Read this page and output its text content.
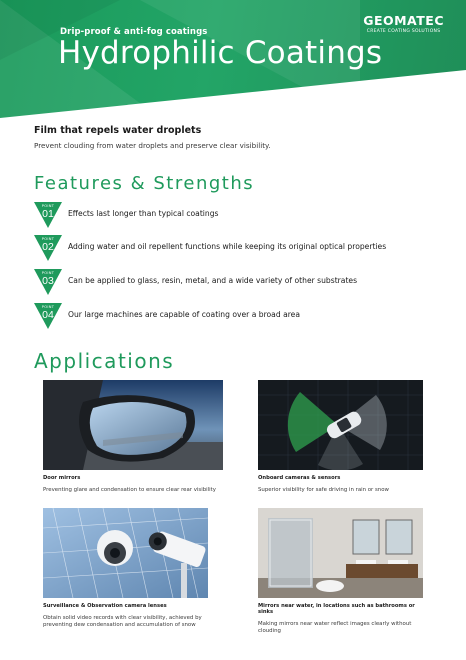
Drip-proof & anti-fog coatings
Hydrophilic Coatings
GEOMATEC
CREATE COATING SOLUTIONS
Film that repels water droplets
Prevent clouding from water droplets and preserve clear visibility.
Features & Strengths
POINT
01	Effects last longer than typical coatings
POINT
02	Adding water and oil repellent functions while keeping its original optical properties
POINT
03	Can be applied to glass, resin, metal, and a wide variety of other substrates
POINT
04	Our large machines are capable of coating over a broad area
Applications
Door mirrors
Preventing glare and condensation to ensure clear rear visibility
Onboard cameras & sensors
Superior visibility for safe driving in rain or snow
Surveillance & Observation camera lenses
Obtain solid video records with clear visibility, achieved by preventing dew condensation and accumulation of snow
Mirrors near water, in locations such as bathrooms or sinks
Making mirrors near water reflect images clearly without clouding
